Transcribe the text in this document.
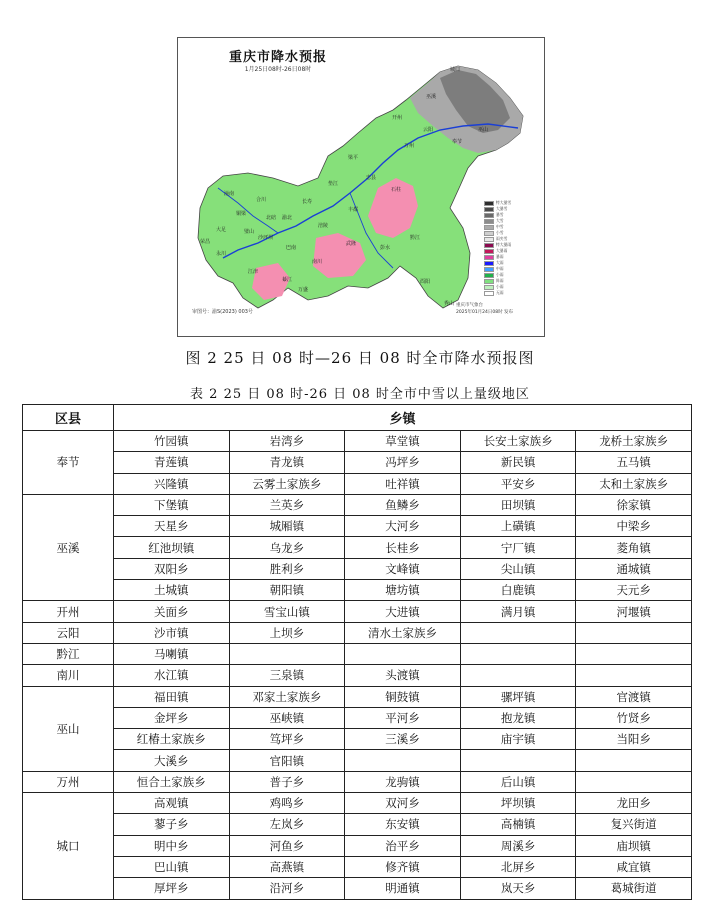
重庆市降水预报
1月25日08时-26日08时	城口
巫溪
开州
云阳	巫山
奉节
万州
梁平
忠县
石柱
垫江
长寿
丰都
涪陵
武隆
彭水
黔江
酉阳
秀山
南川
綦江
江津
永川
大足
潼南
铜梁
合川
北碚 渝北
巴南
璧山
荣昌
万盛
沙坪坝
特大暴雪
大暴雪
暴雪
大雪
中雪
小雪
雨夹雪
特大暴雨
大暴雨
暴雨
大雨
中雨
小雨
阵雨
小雨
无雨
审图号：渝S(2023) 003号
重庆市气象台
2025年01月24日08时 发布
图 2 25 日 08 时—26 日 08 时全市降水预报图
表 2 25 日 08 时-26 日 08 时全市中雪以上量级地区
区县	乡镇				
奉节	竹园镇	岩湾乡	草堂镇	长安土家族乡	龙桥土家族乡
	青莲镇	青龙镇	冯坪乡	新民镇	五马镇
	兴隆镇	云雾土家族乡	吐祥镇	平安乡	太和土家族乡
巫溪	下堡镇	兰英乡	鱼鳞乡	田坝镇	徐家镇
	天星乡	城厢镇	大河乡	上磺镇	中梁乡
	红池坝镇	乌龙乡	长桂乡	宁厂镇	菱角镇
	双阳乡	胜利乡	文峰镇	尖山镇	通城镇
	土城镇	朝阳镇	塘坊镇	白鹿镇	天元乡
开州	关面乡	雪宝山镇	大进镇	满月镇	河堰镇
云阳	沙市镇	上坝乡	清水土家族乡		
黔江	马喇镇				
南川	水江镇	三泉镇	头渡镇		
巫山	福田镇	邓家土家族乡	铜鼓镇	骡坪镇	官渡镇
	金坪乡	巫峡镇	平河乡	抱龙镇	竹贤乡
	红椿土家族乡	笃坪乡	三溪乡	庙宇镇	当阳乡
	大溪乡	官阳镇			
万州	恒合土家族乡	普子乡	龙驹镇	后山镇	
城口	高观镇	鸡鸣乡	双河乡	坪坝镇	龙田乡
	蓼子乡	左岚乡	东安镇	高楠镇	复兴街道
	明中乡	河鱼乡	治平乡	周溪乡	庙坝镇
	巴山镇	高燕镇	修齐镇	北屏乡	咸宜镇
	厚坪乡	沿河乡	明通镇	岚天乡	葛城街道
